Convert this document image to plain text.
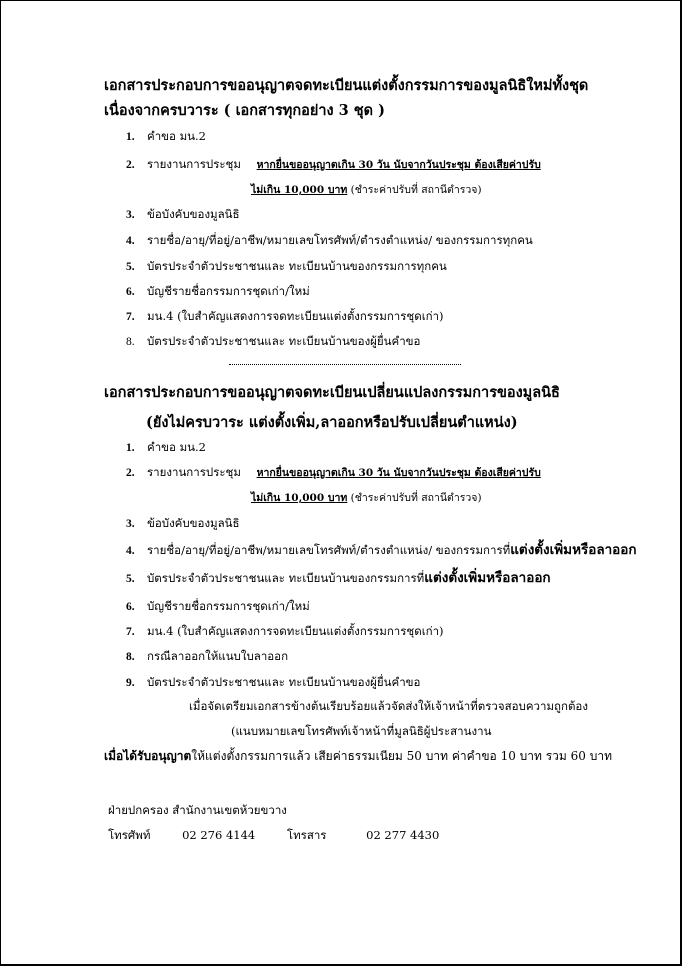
เอกสารประกอบการขออนุญาตจดทะเบียนแต่งตั้งกรรมการของมูลนิธิใหม่ทั้งชุด
เนื่องจากครบวาระ ( เอกสารทุกอย่าง 3 ชุด )
1. คำขอ มน.2
2. รายงานการประชุม หากยื่นขออนุญาตเกิน 30 วัน นับจากวันประชุม ต้องเสียค่าปรับ
ไม่เกิน 10,000 บาท (ชำระค่าปรับที่ สถานีตำรวจ)
3. ข้อบังคับของมูลนิธิ
4. รายชื่อ/อายุ/ที่อยู่/อาชีพ/หมายเลขโทรศัพท์/ตำรงตำแหน่ง/ ของกรรมการทุกคน
5. บัตรประจำตัวประชาชนและ ทะเบียนบ้านของกรรมการทุกคน
6. บัญชีรายชื่อกรรมการชุดเก่า/ใหม่
7. มน.4 (ใบสำคัญแสดงการจดทะเบียนแต่งตั้งกรรมการชุดเก่า)
8. บัตรประจำตัวประชาชนและ ทะเบียนบ้านของผู้ยื่นคำขอ
เอกสารประกอบการขออนุญาตจดทะเบียนเปลี่ยนแปลงกรรมการของมูลนิธิ
(ยังไม่ครบวาระ แต่งตั้งเพิ่ม,ลาออกหรือปรับเปลี่ยนตำแหน่ง)
1. คำขอ มน.2
2. รายงานการประชุม หากยื่นขออนุญาตเกิน 30 วัน นับจากวันประชุม ต้องเสียค่าปรับ
ไม่เกิน 10,000 บาท (ชำระค่าปรับที่ สถานีตำรวจ)
3. ข้อบังคับของมูลนิธิ
4. รายชื่อ/อายุ/ที่อยู่/อาชีพ/หมายเลขโทรศัพท์/ตำรงตำแหน่ง/ ของกรรมการที่แต่งตั้งเพิ่มหรือลาออก
5. บัตรประจำตัวประชาชนและ ทะเบียนบ้านของกรรมการที่แต่งตั้งเพิ่มหรือลาออก
6. บัญชีรายชื่อกรรมการชุดเก่า/ใหม่
7. มน.4 (ใบสำคัญแสดงการจดทะเบียนแต่งตั้งกรรมการชุดเก่า)
8. กรณีลาออกให้แนบใบลาออก
9. บัตรประจำตัวประชาชนและ ทะเบียนบ้านของผู้ยื่นคำขอ
เมื่อจัดเตรียมเอกสารข้างต้นเรียบร้อยแล้วจัดส่งให้เจ้าหน้าที่ตรวจสอบความถูกต้อง
(แนบหมายเลขโทรศัพท์เจ้าหน้าที่มูลนิธิผู้ประสานงาน
เมื่อได้รับอนุญาตให้แต่งตั้งกรรมการแล้ว เสียค่าธรรมเนียม 50 บาท ค่าคำขอ 10 บาท รวม 60 บาท
ฝ่ายปกครอง สำนักงานเขตห้วยขวาง
โทรศัพท์	02 276 4144	โทรสาร	02 277 4430
